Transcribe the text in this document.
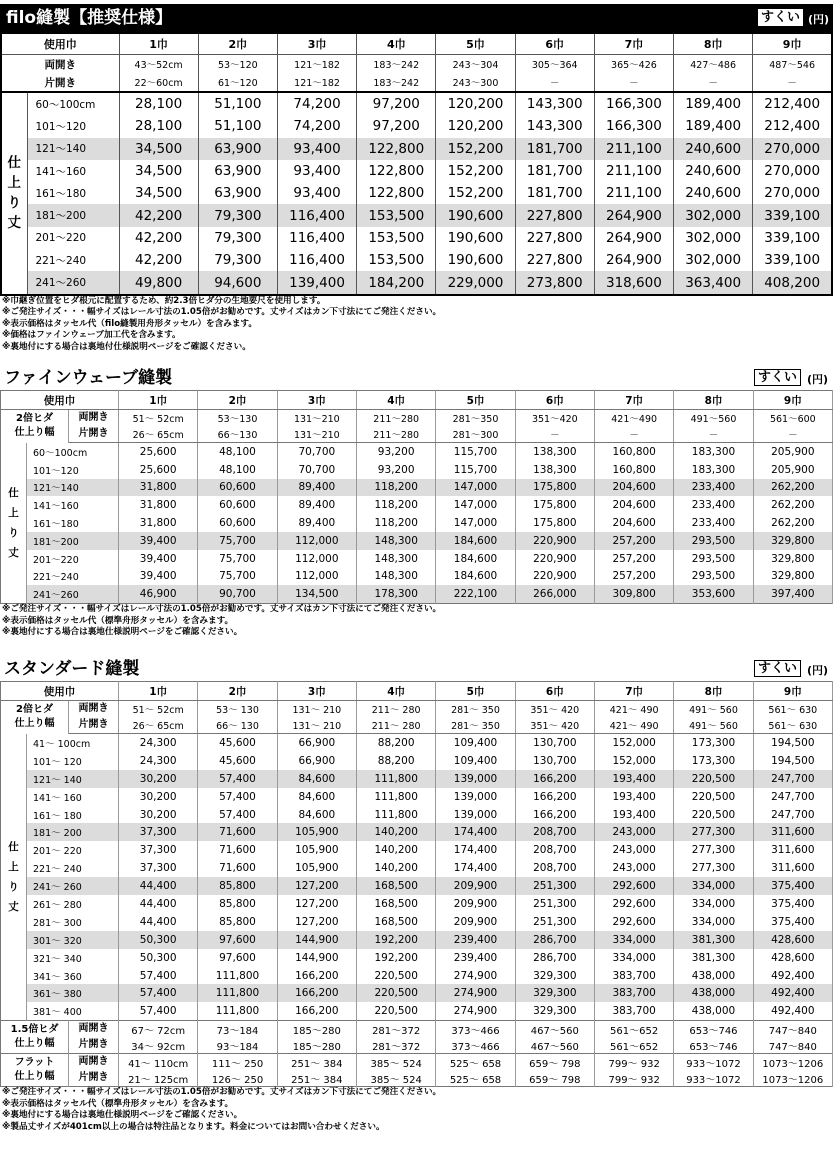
filo縫製【推奨仕様】	すくい (円)
使用巾		1巾	2巾	3巾	4巾	5巾	6巾	7巾	8巾	9巾
両開き		43～52cm	53～120	121～182	183～242	243～304	305～364	365～426	427～486	487～546
片開き		22～60cm	61～120	121～182	183～242	243～300	－	－	－	－

仕
上
り
丈	60～100cm	28,100	51,100	74,200	97,200	120,200	143,300	166,300	189,400	212,400
	101～120	28,100	51,100	74,200	97,200	120,200	143,300	166,300	189,400	212,400
	121～140	34,500	63,900	93,400	122,800	152,200	181,700	211,100	240,600	270,000
	141～160	34,500	63,900	93,400	122,800	152,200	181,700	211,100	240,600	270,000
	161～180	34,500	63,900	93,400	122,800	152,200	181,700	211,100	240,600	270,000
	181～200	42,200	79,300	116,400	153,500	190,600	227,800	264,900	302,000	339,100
	201～220	42,200	79,300	116,400	153,500	190,600	227,800	264,900	302,000	339,100
	221～240	42,200	79,300	116,400	153,500	190,600	227,800	264,900	302,000	339,100
	241～260	49,800	94,600	139,400	184,200	229,000	273,800	318,600	363,400	408,200
※巾継ぎ位置をヒダ根元に配置するため、約2.3倍ヒダ分の生地要尺を使用します。
※ご発注サイズ・・・幅サイズはレール寸法の1.05倍がお勧めです。丈サイズはカン下寸法にてご発注ください。
※表示価格はタッセル代（filo縫製用舟形タッセル）を含みます。
※価格はファインウェーブ加工代を含みます。
※裏地付にする場合は裏地付仕様説明ページをご確認ください。
ファインウェーブ縫製	すくい (円)
使用巾			1巾	2巾	3巾	4巾	5巾	6巾	7巾	8巾	9巾

2倍ヒダ
仕上り幅		両開き	51～ 52cm	53～130	131～210	211～280	281～350	351～420	421～490	491～560	561～600
		片開き	26～ 65cm	66～130	131～210	211～280	281～300	－	－	－	－

仕
上
り
丈	60～100cm		25,600	48,100	70,700	93,200	115,700	138,300	160,800	183,300	205,900
	101～120		25,600	48,100	70,700	93,200	115,700	138,300	160,800	183,300	205,900
	121～140		31,800	60,600	89,400	118,200	147,000	175,800	204,600	233,400	262,200
	141～160		31,800	60,600	89,400	118,200	147,000	175,800	204,600	233,400	262,200
	161～180		31,800	60,600	89,400	118,200	147,000	175,800	204,600	233,400	262,200
	181～200		39,400	75,700	112,000	148,300	184,600	220,900	257,200	293,500	329,800
	201～220		39,400	75,700	112,000	148,300	184,600	220,900	257,200	293,500	329,800
	221～240		39,400	75,700	112,000	148,300	184,600	220,900	257,200	293,500	329,800
	241～260		46,900	90,700	134,500	178,300	222,100	266,000	309,800	353,600	397,400
※ご発注サイズ・・・幅サイズはレール寸法の1.05倍がお勧めです。丈サイズはカン下寸法にてご発注ください。
※表示価格はタッセル代（標準舟形タッセル）を含みます。
※裏地付にする場合は裏地仕様説明ページをご確認ください。
スタンダード縫製	すくい (円)
使用巾			1巾	2巾	3巾	4巾	5巾	6巾	7巾	8巾	9巾

2倍ヒダ
仕上り幅		両開き	51～ 52cm	53～ 130	131～ 210	211～ 280	281～ 350	351～ 420	421～ 490	491～ 560	561～ 630
		片開き	26～ 65cm	66～ 130	131～ 210	211～ 280	281～ 350	351～ 420	421～ 490	491～ 560	561～ 630

仕
上
り
丈	41～ 100cm		24,300	45,600	66,900	88,200	109,400	130,700	152,000	173,300	194,500
	101～ 120		24,300	45,600	66,900	88,200	109,400	130,700	152,000	173,300	194,500
	121～ 140		30,200	57,400	84,600	111,800	139,000	166,200	193,400	220,500	247,700
	141～ 160		30,200	57,400	84,600	111,800	139,000	166,200	193,400	220,500	247,700
	161～ 180		30,200	57,400	84,600	111,800	139,000	166,200	193,400	220,500	247,700
	181～ 200		37,300	71,600	105,900	140,200	174,400	208,700	243,000	277,300	311,600
	201～ 220		37,300	71,600	105,900	140,200	174,400	208,700	243,000	277,300	311,600
	221～ 240		37,300	71,600	105,900	140,200	174,400	208,700	243,000	277,300	311,600
	241～ 260		44,400	85,800	127,200	168,500	209,900	251,300	292,600	334,000	375,400
	261～ 280		44,400	85,800	127,200	168,500	209,900	251,300	292,600	334,000	375,400
	281～ 300		44,400	85,800	127,200	168,500	209,900	251,300	292,600	334,000	375,400
	301～ 320		50,300	97,600	144,900	192,200	239,400	286,700	334,000	381,300	428,600
	321～ 340		50,300	97,600	144,900	192,200	239,400	286,700	334,000	381,300	428,600
	341～ 360		57,400	111,800	166,200	220,500	274,900	329,300	383,700	438,000	492,400
	361～ 380		57,400	111,800	166,200	220,500	274,900	329,300	383,700	438,000	492,400
	381～ 400		57,400	111,800	166,200	220,500	274,900	329,300	383,700	438,000	492,400

1.5倍ヒダ
仕上り幅		両開き	67～ 72cm	73～184	185～280	281～372	373～466	467～560	561～652	653～746	747～840
		片開き	34～ 92cm	93～184	185～280	281～372	373～466	467～560	561～652	653～746	747～840

フラット
仕上り幅		両開き	41～ 110cm	111～ 250	251～ 384	385～ 524	525～ 658	659～ 798	799～ 932	933～1072	1073～1206
		片開き	21～ 125cm	126～ 250	251～ 384	385～ 524	525～ 658	659～ 798	799～ 932	933～1072	1073～1206
※ご発注サイズ・・・幅サイズはレール寸法の1.05倍がお勧めです。丈サイズはカン下寸法にてご発注ください。
※表示価格はタッセル代（標準舟形タッセル）を含みます。
※裏地付にする場合は裏地仕様説明ページをご確認ください。
※製品丈サイズが401cm以上の場合は特注品となります。料金についてはお問い合わせください。
